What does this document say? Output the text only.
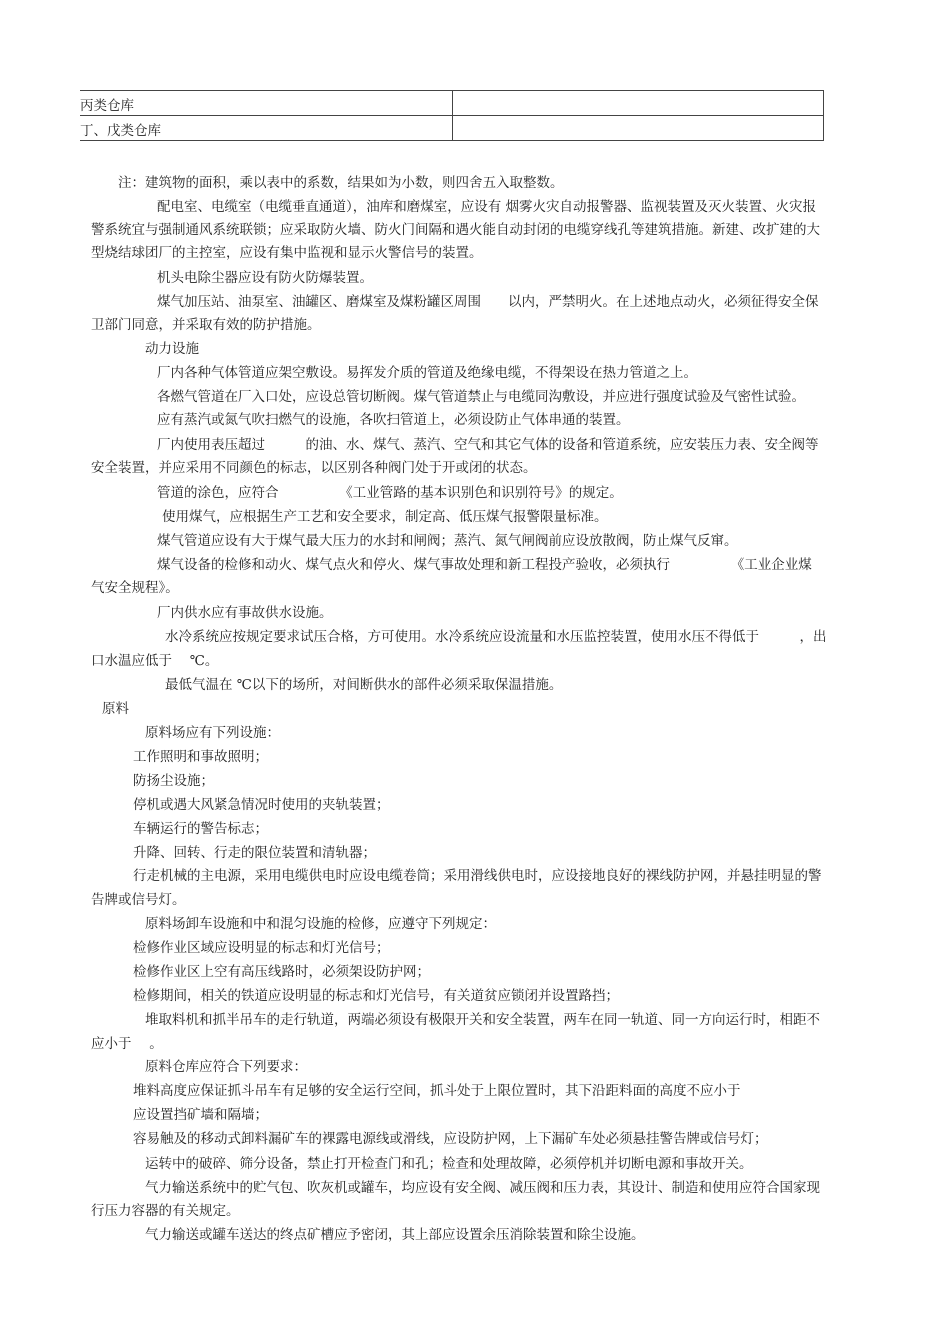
丙类仓库
丁、戊类仓库
注：建筑物的面积，乘以表中的系数，结果如为小数，则四舍五入取整数。
配电室、电缆室（电缆垂直通道），油库和磨煤室，应设有 烟雾火灾自动报警器、监视装置及灭火装置、火灾报
警系统宜与强制通风系统联锁；应采取防火墙、防火门间隔和遇火能自动封闭的电缆穿线孔等建筑措施。新建、改扩建的大
型烧结球团厂的主控室，应设有集中监视和显示火警信号的装置。
机头电除尘器应设有防火防爆装置。
煤气加压站、油泵室、油罐区、磨煤室及煤粉罐区周围　　以内，严禁明火。在上述地点动火，必须征得安全保
卫部门同意，并采取有效的防护措施。
动力设施
厂内各种气体管道应架空敷设。易挥发介质的管道及绝缘电缆，不得架设在热力管道之上。
各燃气管道在厂入口处，应设总管切断阀。煤气管道禁止与电缆同沟敷设，并应进行强度试验及气密性试验。
应有蒸汽或氮气吹扫燃气的设施，各吹扫管道上，必须设防止气体串通的装置。
厂内使用表压超过　　　的油、水、煤气、蒸汽、空气和其它气体的设备和管道系统，应安装压力表、安全阀等
安全装置，并应采用不同颜色的标志，以区别各种阀门处于开或闭的状态。
管道的涂色，应符合　　　　　《工业管路的基本识别色和识别符号》的规定。
使用煤气，应根据生产工艺和安全要求，制定高、低压煤气报警限量标准。
煤气管道应设有大于煤气最大压力的水封和闸阀；蒸汽、氮气闸阀前应设放散阀，防止煤气反窜。
煤气设备的检修和动火、煤气点火和停火、煤气事故处理和新工程投产验收，必须执行　　　　　《工业企业煤
气安全规程》。
厂内供水应有事故供水设施。
水冷系统应按规定要求试压合格，方可使用。水冷系统应设流量和水压监控装置，使用水压不得低于　　　，出
口水温应低于　 ℃。
最低气温在 ℃以下的场所，对间断供水的部件必须采取保温措施。
原料
原料场应有下列设施：
工作照明和事故照明；
防扬尘设施；
停机或遇大风紧急情况时使用的夹轨装置；
车辆运行的警告标志；
升降、回转、行走的限位装置和清轨器；
行走机械的主电源，采用电缆供电时应设电缆卷筒；采用滑线供电时，应设接地良好的裸线防护网，并悬挂明显的警
告牌或信号灯。
原料场卸车设施和中和混匀设施的检修，应遵守下列规定：
检修作业区域应设明显的标志和灯光信号；
检修作业区上空有高压线路时，必须架设防护网；
检修期间，相关的铁道应设明显的标志和灯光信号，有关道贫应锁闭并设置路挡；
堆取料机和抓半吊车的走行轨道，两端必须设有极限开关和安全装置，两车在同一轨道、同一方向运行时，相距不
应小于　 。
原料仓库应符合下列要求：
堆料高度应保证抓斗吊车有足够的安全运行空间，抓斗处于上限位置时，其下沿距料面的高度不应小于
应设置挡矿墙和隔墙；
容易触及的移动式卸料漏矿车的裸露电源线或滑线，应设防护网，上下漏矿车处必须悬挂警告牌或信号灯；
运转中的破碎、筛分设备，禁止打开检查门和孔；检查和处理故障，必须停机并切断电源和事故开关。
气力输送系统中的贮气包、吹灰机或罐车，均应设有安全阀、减压阀和压力表，其设计、制造和使用应符合国家现
行压力容器的有关规定。
气力输送或罐车送达的终点矿槽应予密闭，其上部应设置余压消除装置和除尘设施。
